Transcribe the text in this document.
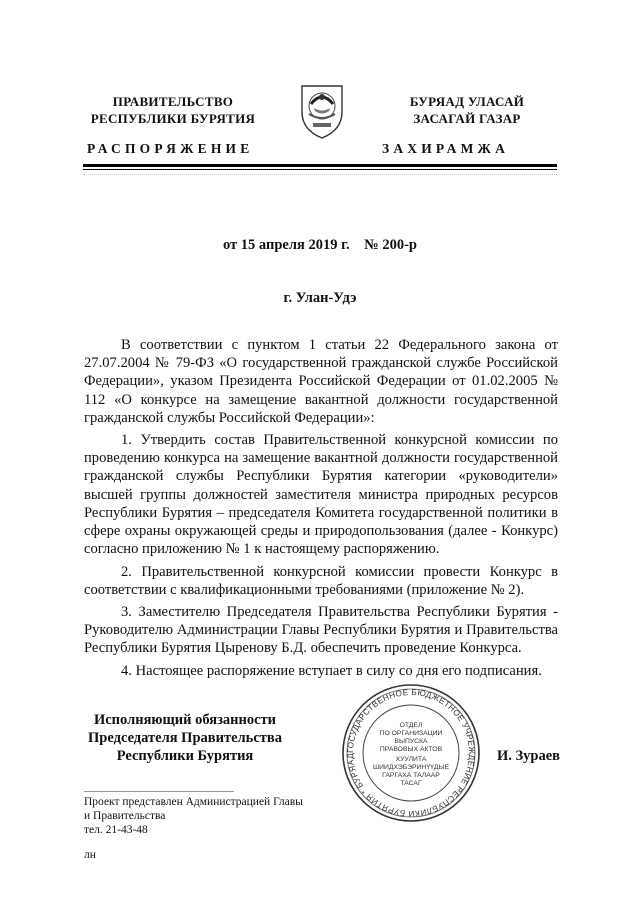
ПРАВИТЕЛЬСТВО
РЕСПУБЛИКИ БУРЯТИЯ
БУРЯАД УЛАСАЙ
ЗАСАГАЙ ГАЗАР
РАСПОРЯЖЕНИЕ	ЗАХИРАМЖА
от 15 апреля 2019 г.    № 200-р
г. Улан-Удэ

В соответствии с пунктом 1 статьи 22 Федерального закона от 27.07.2004 № 79-ФЗ «О государственной гражданской службе Российской Федерации», указом Президента Российской Федерации от 01.02.2005 № 112 «О конкурсе на замещение вакантной должности государственной гражданской службы Российской Федерации»:

1. Утвердить состав Правительственной конкурсной комиссии по проведению конкурса на замещение вакантной должности государственной гражданской службы Республики Бурятия категории «руководители» высшей группы должностей заместителя министра природных ресурсов Республики Бурятия – председателя Комитета государственной политики в сфере охраны окружающей среды и природопользования (далее - Конкурс) согласно приложению № 1 к настоящему распоряжению.

2. Правительственной конкурсной комиссии провести Конкурс в соответствии с квалификационными требованиями (приложение № 2).

3. Заместителю Председателя Правительства Республики Бурятия - Руководителю Администрации Главы Республики Бурятия и Правительства Республики Бурятия Цыренову Б.Д. обеспечить проведение Конкурса.

4. Настоящее распоряжение вступает в силу со дня его подписания.

Исполняющий обязанности
Председателя Правительства
Республики Бурятия	ГОСУДАРСТВЕННОЕ БЮДЖЕТНОЕ УЧРЕЖДЕНИЕ РЕСПУБЛИКИ БУРЯТИЯ * БУРЯАД
ОТДЕЛ
ПО ОРГАНИЗАЦИИ
ВЫПУСКА
ПРАВОВЫХ АКТОВ
ХУУЛИТА
ШИИДХЭБЭРИНҮҮДЫЕ
ГАРГАХА ТАЛААР
ТАСАГ
И. Зураев
Проект представлен Администрацией Главы
и Правительства
тел. 21-43-48
лн
